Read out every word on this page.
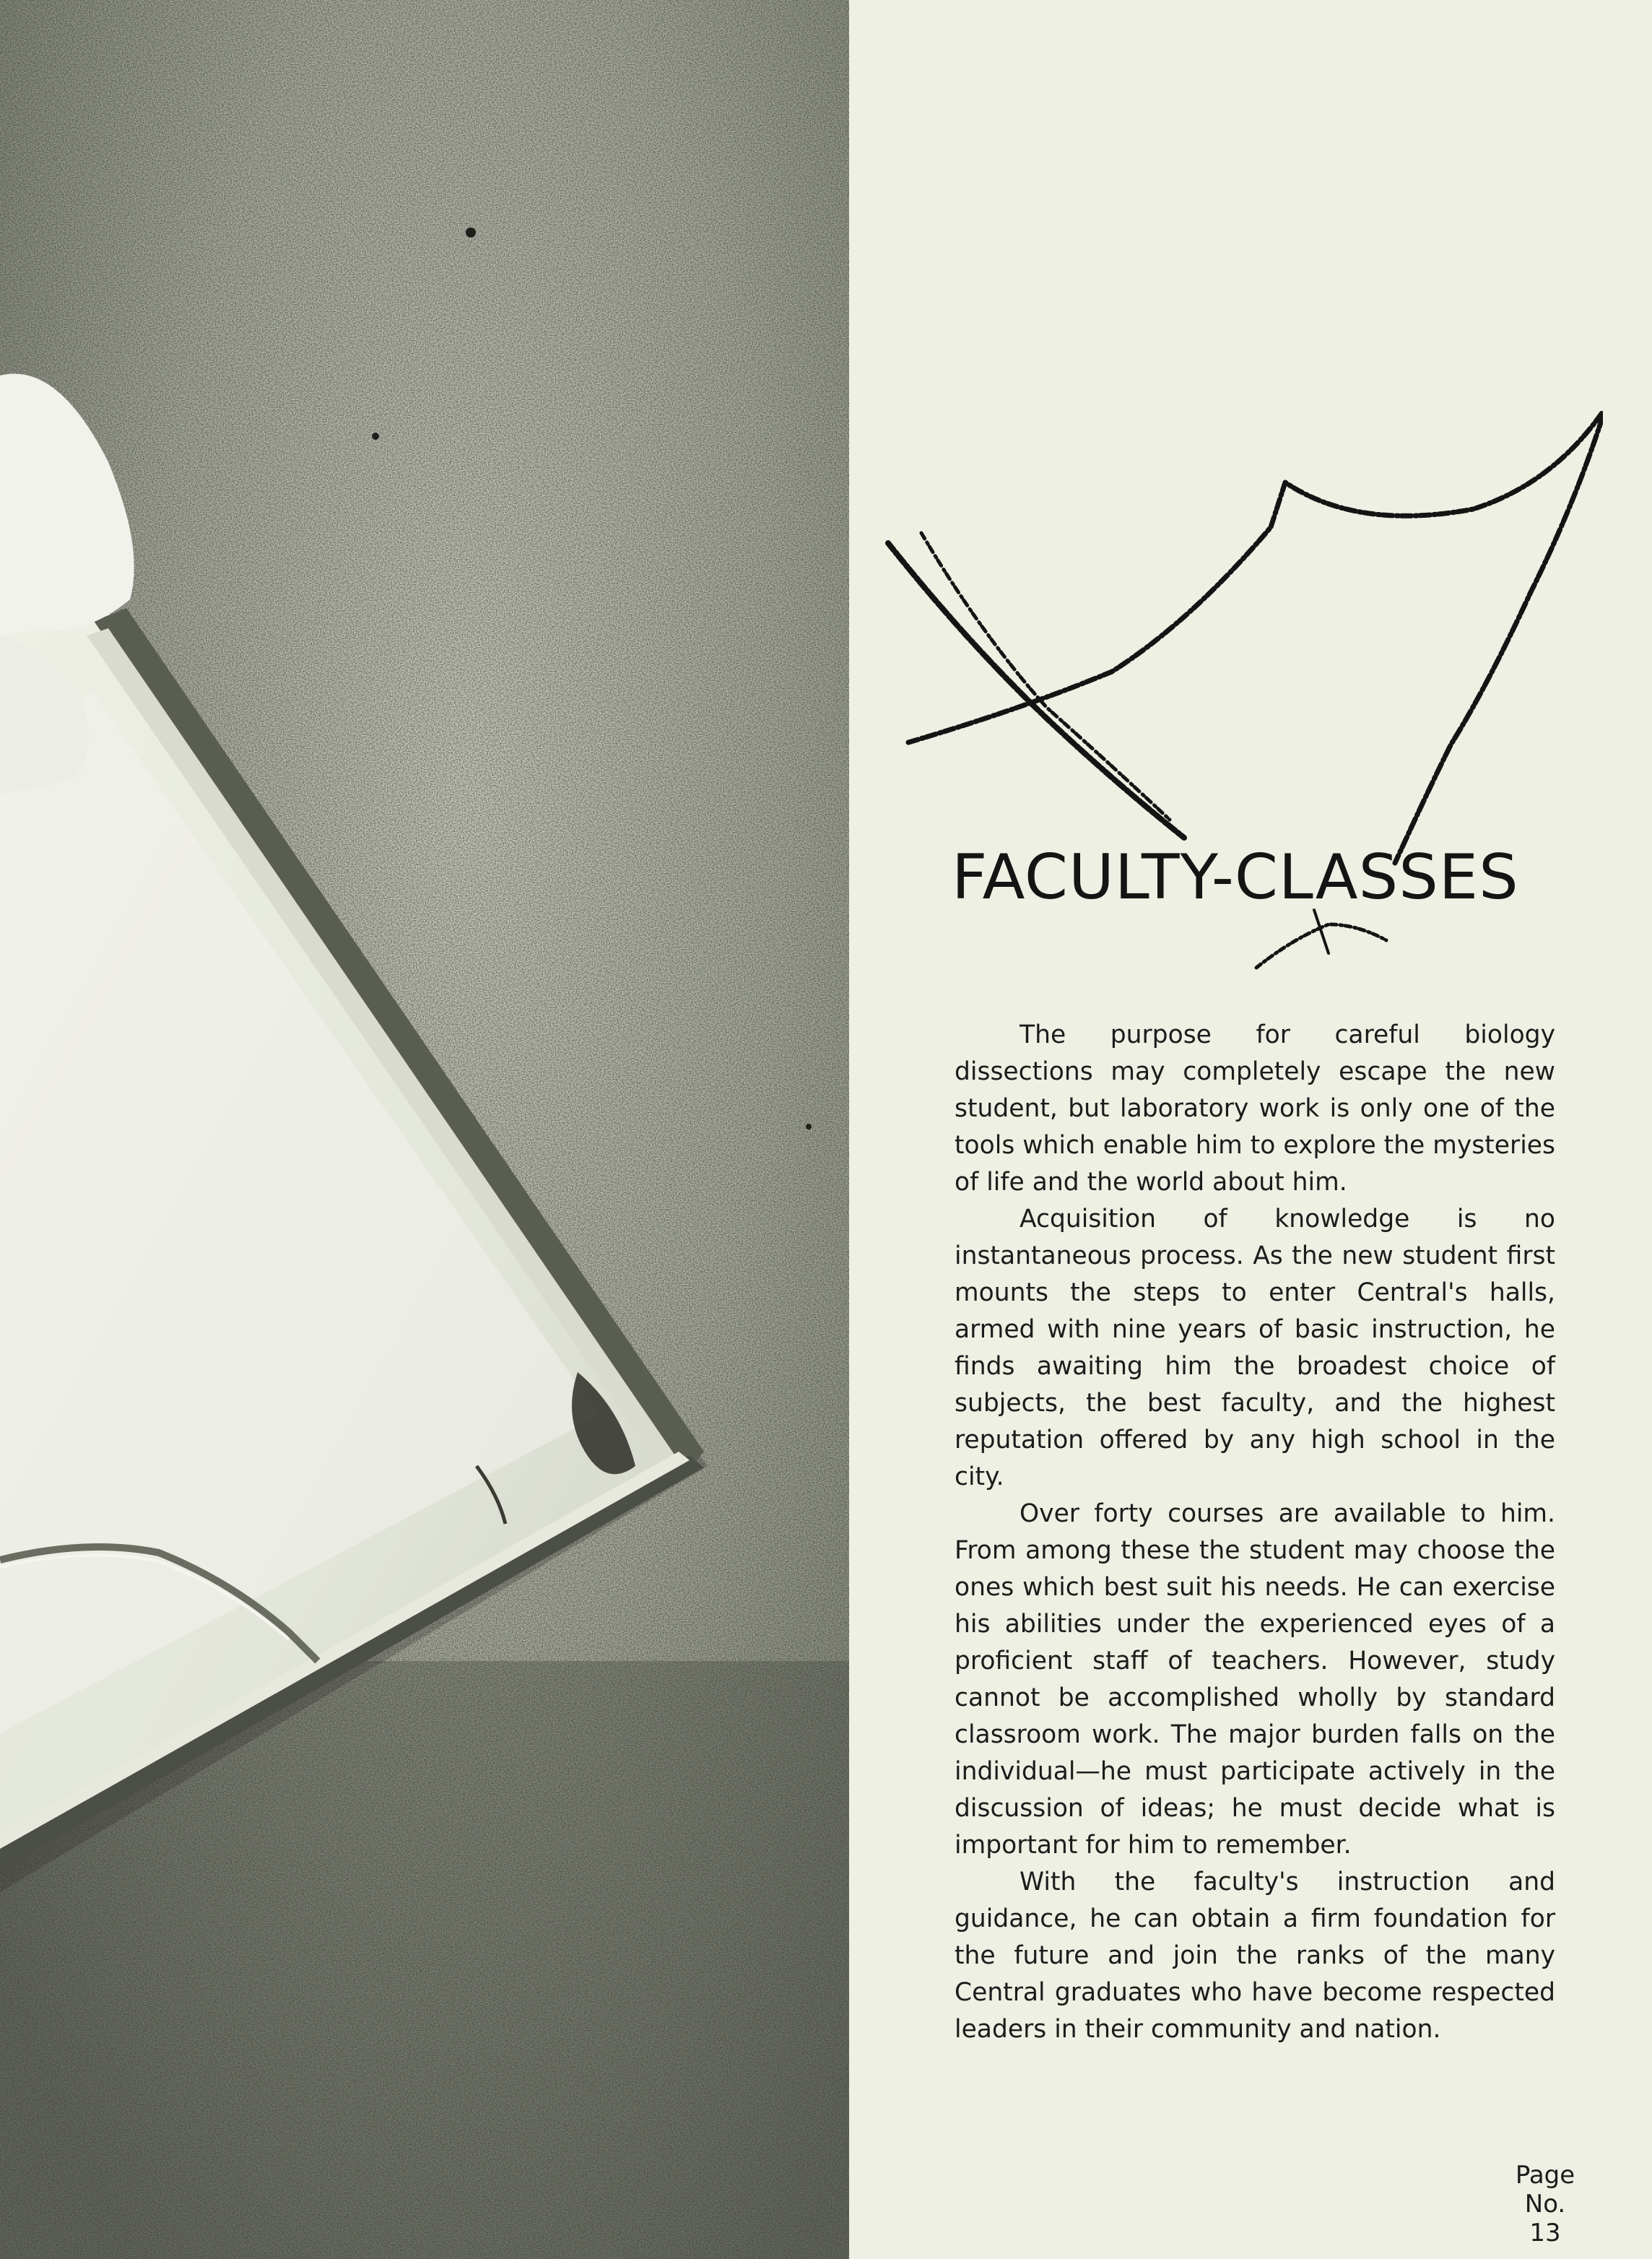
FACULTY-CLASSES

The purpose for careful biology dissections may completely escape the new student, but laboratory work is only one of the tools which enable him to explore the mysteries of life and the world about him.

Acquisition of knowledge is no instantaneous process. As the new student first mounts the steps to enter Central's halls, armed with nine years of basic instruction, he finds awaiting him the broadest choice of subjects, the best faculty, and the highest reputation offered by any high school in the city.

Over forty courses are available to him. From among these the student may choose the ones which best suit his needs. He can exercise his abilities under the experienced eyes of a proficient staff of teachers. However, study cannot be accomplished wholly by standard classroom work. The major burden falls on the individual—he must participate actively in the discussion of ideas; he must decide what is important for him to remember.

With the faculty's instruction and guidance, he can obtain a firm foundation for the future and join the ranks of the many Central graduates who have become respected leaders in their community and nation.

Page
No.
13
